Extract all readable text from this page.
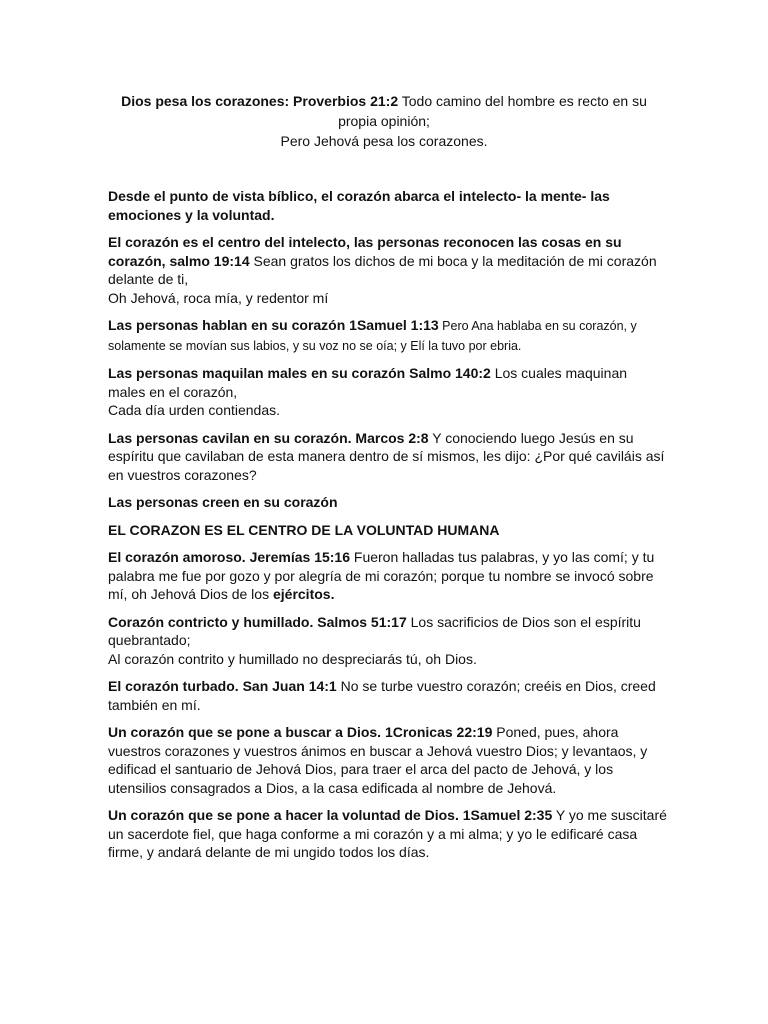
Dios pesa los corazones: Proverbios 21:2 Todo camino del hombre es recto en su propia opinión;
Pero Jehová pesa los corazones.

Desde el punto de vista bíblico, el corazón abarca el intelecto- la mente- las emociones y la voluntad.

El corazón es el centro del intelecto, las personas reconocen las cosas en su corazón, salmo 19:14 Sean gratos los dichos de mi boca y la meditación de mi corazón delante de ti,
Oh Jehová, roca mía, y redentor mí

Las personas hablan en su corazón 1Samuel 1:13 Pero Ana hablaba en su corazón, y solamente se movían sus labios, y su voz no se oía; y Elí la tuvo por ebria.

Las personas maquilan males en su corazón Salmo 140:2 Los cuales maquinan males en el corazón,
Cada día urden contiendas.

Las personas cavilan en su corazón. Marcos 2:8 Y conociendo luego Jesús en su espíritu que cavilaban de esta manera dentro de sí mismos, les dijo: ¿Por qué caviláis así en vuestros corazones?

Las personas creen en su corazón

EL CORAZON ES EL CENTRO DE LA VOLUNTAD HUMANA

El corazón amoroso. Jeremías 15:16 Fueron halladas tus palabras, y yo las comí; y tu palabra me fue por gozo y por alegría de mi corazón; porque tu nombre se invocó sobre mí, oh Jehová Dios de los ejércitos.

Corazón contricto y humillado. Salmos 51:17 Los sacrificios de Dios son el espíritu quebrantado;
Al corazón contrito y humillado no despreciarás tú, oh Dios.

El corazón turbado. San Juan 14:1 No se turbe vuestro corazón; creéis en Dios, creed también en mí.

Un corazón que se pone a buscar a Dios. 1Cronicas 22:19 Poned, pues, ahora vuestros corazones y vuestros ánimos en buscar a Jehová vuestro Dios; y levantaos, y edificad el santuario de Jehová Dios, para traer el arca del pacto de Jehová, y los utensilios consagrados a Dios, a la casa edificada al nombre de Jehová.

Un corazón que se pone a hacer la voluntad de Dios. 1Samuel 2:35 Y yo me suscitaré un sacerdote fiel, que haga conforme a mi corazón y a mi alma; y yo le edificaré casa firme, y andará delante de mi ungido todos los días.
